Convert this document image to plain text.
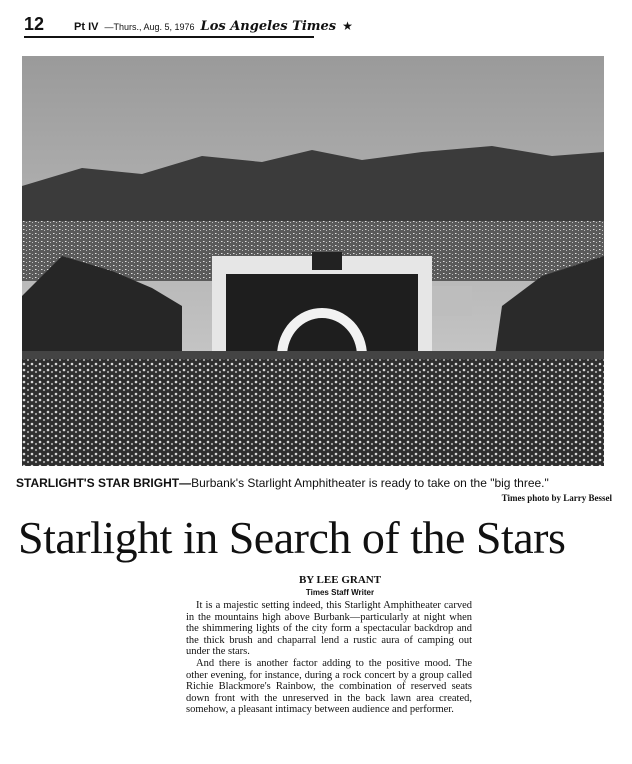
12	Pt IV —Thurs., Aug. 5, 1976 Los Angeles Times ★
STARLIGHT'S STAR BRIGHT—Burbank's Starlight Amphitheater is ready to take on the "big three."
Times photo by Larry Bessel
Starlight in Search of the Stars
BY LEE GRANT
Times Staff Writer

It is a majestic setting indeed, this Starlight Amphitheater carved in the mountains high above Burbank—particularly at night when the shimmering lights of the city form a spectacular backdrop and the thick brush and chaparral lend a rustic aura of camping out under the stars.

And there is another factor adding to the positive mood. The other evening, for instance, during a rock concert by a group called Richie Blackmore's Rainbow, the combination of reserved seats down front with the unreserved in the back lawn area created, somehow, a pleasant intimacy between audience and performer.
